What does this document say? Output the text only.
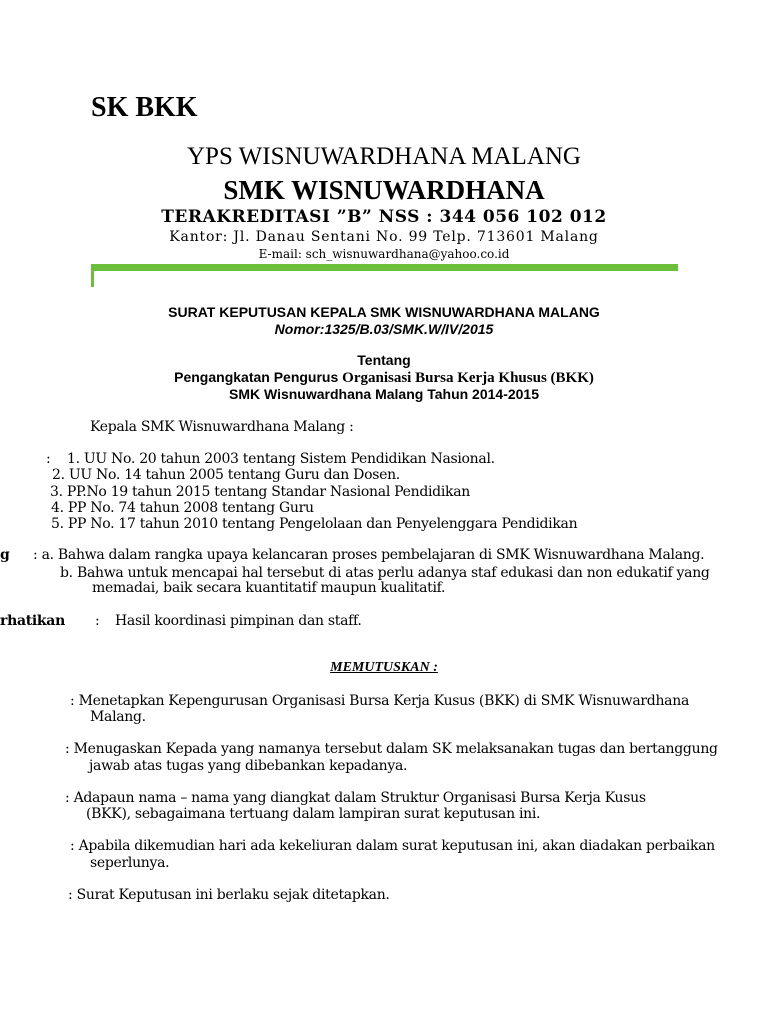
SK BKK
YPS WISNUWARDHANA MALANG
SMK WISNUWARDHANA
TERAKREDITASI ”B” NSS : 344 056 102 012
Kantor: Jl. Danau Sentani No. 99 Telp. 713601 Malang
E-mail: sch_wisnuwardhana@yahoo.co.id
SURAT KEPUTUSAN KEPALA SMK WISNUWARDHANA MALANG
Nomor:1325/B.03/SMK.W/IV/2015
Tentang
Pengangkatan Pengurus Organisasi Bursa Kerja Khusus (BKK)
SMK Wisnuwardhana Malang Tahun 2014-2015
Kepala SMK Wisnuwardhana Malang :
: 1. UU No. 20 tahun 2003 tentang Sistem Pendidikan Nasional.
2. UU No. 14 tahun 2005 tentang Guru dan Dosen.
3. PP.No 19 tahun 2015 tentang Standar Nasional Pendidikan
4. PP No. 74 tahun 2008 tentang Guru
5. PP No. 17 tahun 2010 tentang Pengelolaan dan Penyelenggara Pendidikan
g : a. Bahwa dalam rangka upaya kelancaran proses pembelajaran di SMK Wisnuwardhana Malang.
b. Bahwa untuk mencapai hal tersebut di atas perlu adanya staf edukasi dan non edukatif yang
memadai, baik secara kuantitatif maupun kualitatif.
rhatikan : Hasil koordinasi pimpinan dan staff.
MEMUTUSKAN :
: Menetapkan Kepengurusan Organisasi Bursa Kerja Kusus (BKK) di SMK Wisnuwardhana
Malang.
: Menugaskan Kepada yang namanya tersebut dalam SK melaksanakan tugas dan bertanggung
jawab atas tugas yang dibebankan kepadanya.
: Adapaun nama – nama yang diangkat dalam Struktur Organisasi Bursa Kerja Kusus
(BKK), sebagaimana tertuang dalam lampiran surat keputusan ini.
: Apabila dikemudian hari ada kekeliuran dalam surat keputusan ini, akan diadakan perbaikan
seperlunya.
: Surat Keputusan ini berlaku sejak ditetapkan.
